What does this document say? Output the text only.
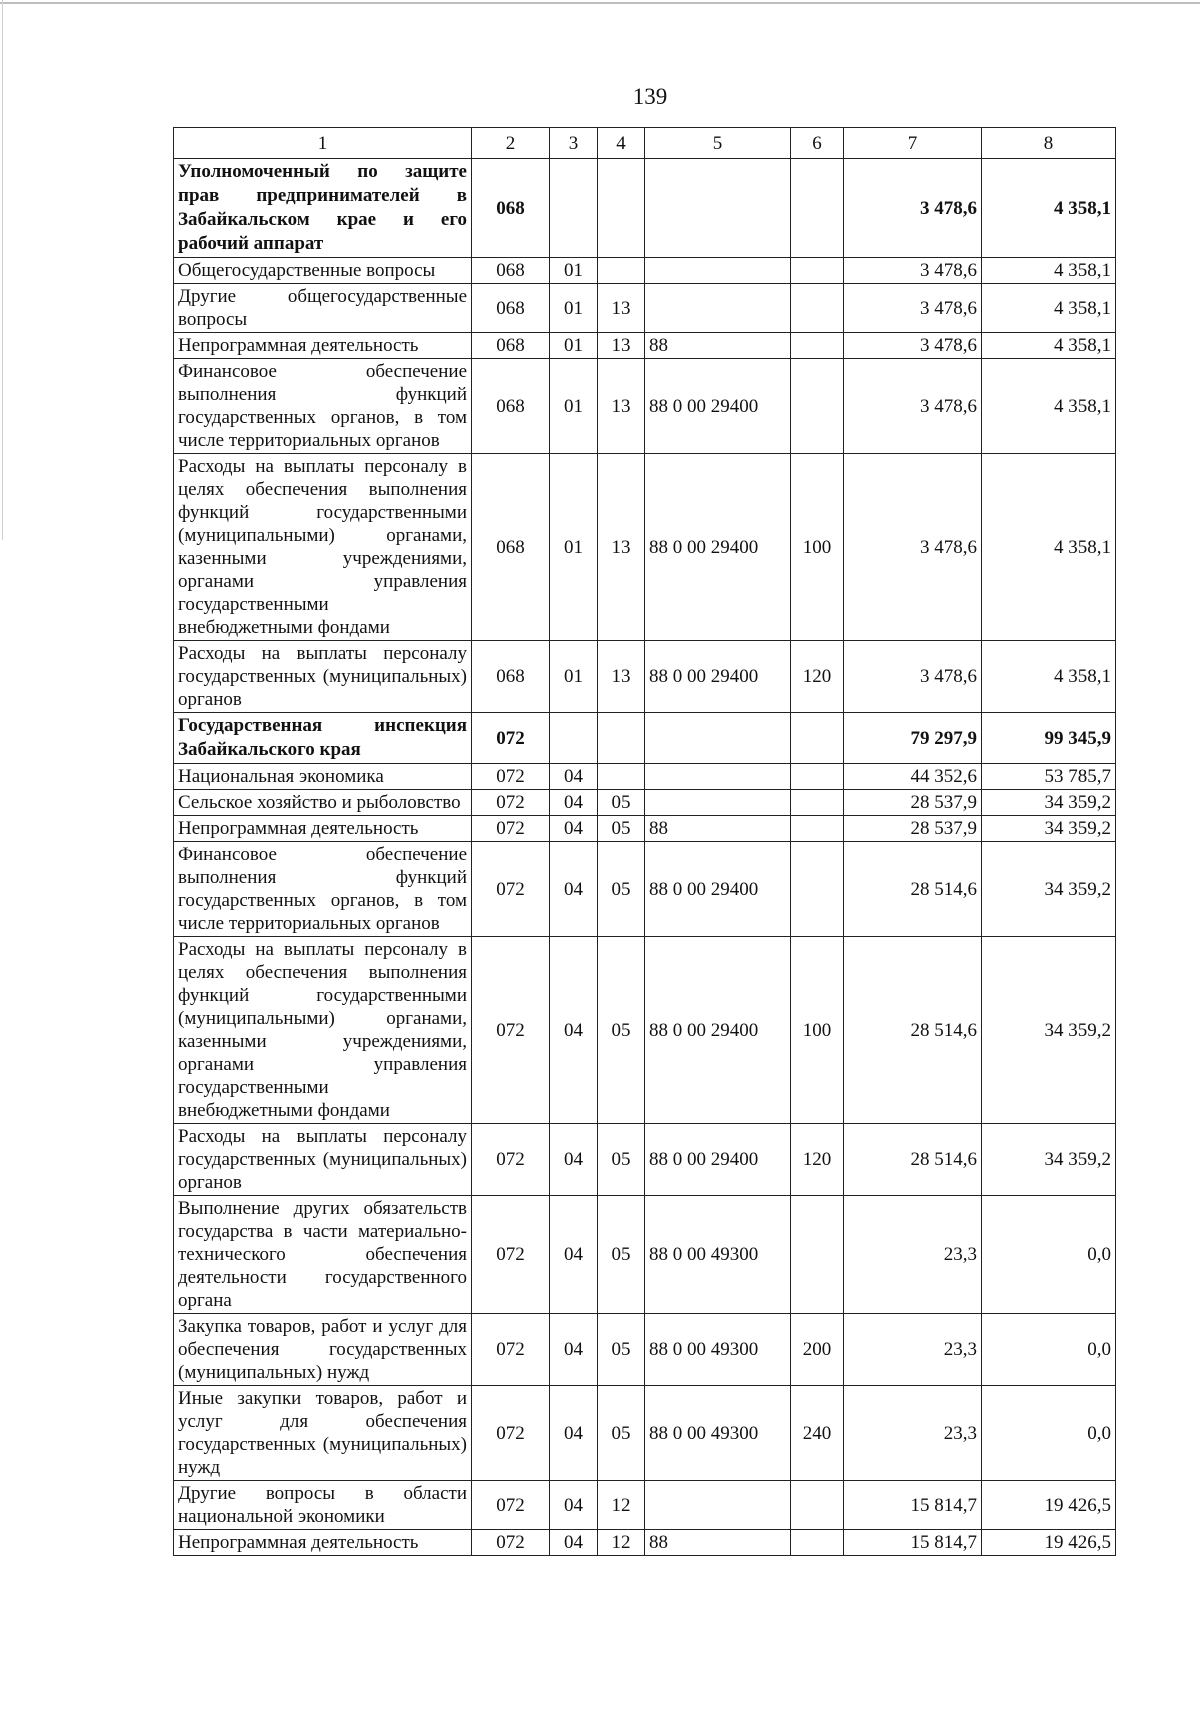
139
1	2	3	4	5	6	7	8
Уполномоченный по защите прав предпринимателей в Забайкальском крае и его рабочий аппарат	068					3 478,6	4 358,1
Общегосударственные вопросы	068	01				3 478,6	4 358,1
Другие общегосударственные вопросы	068	01	13			3 478,6	4 358,1
Непрограммная деятельность	068	01	13	88		3 478,6	4 358,1
Финансовое обеспечение выполнения функций государственных органов, в том числе территориальных органов	068	01	13	88 0 00 29400		3 478,6	4 358,1
Расходы на выплаты персоналу в целях обеспечения выполнения функций государственными (муниципальными) органами, казенными учреждениями, органами управления государственными внебюджетными фондами	068	01	13	88 0 00 29400	100	3 478,6	4 358,1
Расходы на выплаты персоналу государственных (муниципальных) органов	068	01	13	88 0 00 29400	120	3 478,6	4 358,1
Государственная инспекция Забайкальского края	072					79 297,9	99 345,9
Национальная экономика	072	04				44 352,6	53 785,7
Сельское хозяйство и рыболовство	072	04	05			28 537,9	34 359,2
Непрограммная деятельность	072	04	05	88		28 537,9	34 359,2
Финансовое обеспечение выполнения функций государственных органов, в том числе территориальных органов	072	04	05	88 0 00 29400		28 514,6	34 359,2
Расходы на выплаты персоналу в целях обеспечения выполнения функций государственными (муниципальными) органами, казенными учреждениями, органами управления государственными внебюджетными фондами	072	04	05	88 0 00 29400	100	28 514,6	34 359,2
Расходы на выплаты персоналу государственных (муниципальных) органов	072	04	05	88 0 00 29400	120	28 514,6	34 359,2
Выполнение других обязательств государства в части материально-технического обеспечения деятельности государственного органа	072	04	05	88 0 00 49300		23,3	0,0
Закупка товаров, работ и услуг для обеспечения государственных (муниципальных) нужд	072	04	05	88 0 00 49300	200	23,3	0,0
Иные закупки товаров, работ и услуг для обеспечения государственных (муниципальных) нужд	072	04	05	88 0 00 49300	240	23,3	0,0
Другие вопросы в области национальной экономики	072	04	12			15 814,7	19 426,5
Непрограммная деятельность	072	04	12	88		15 814,7	19 426,5
